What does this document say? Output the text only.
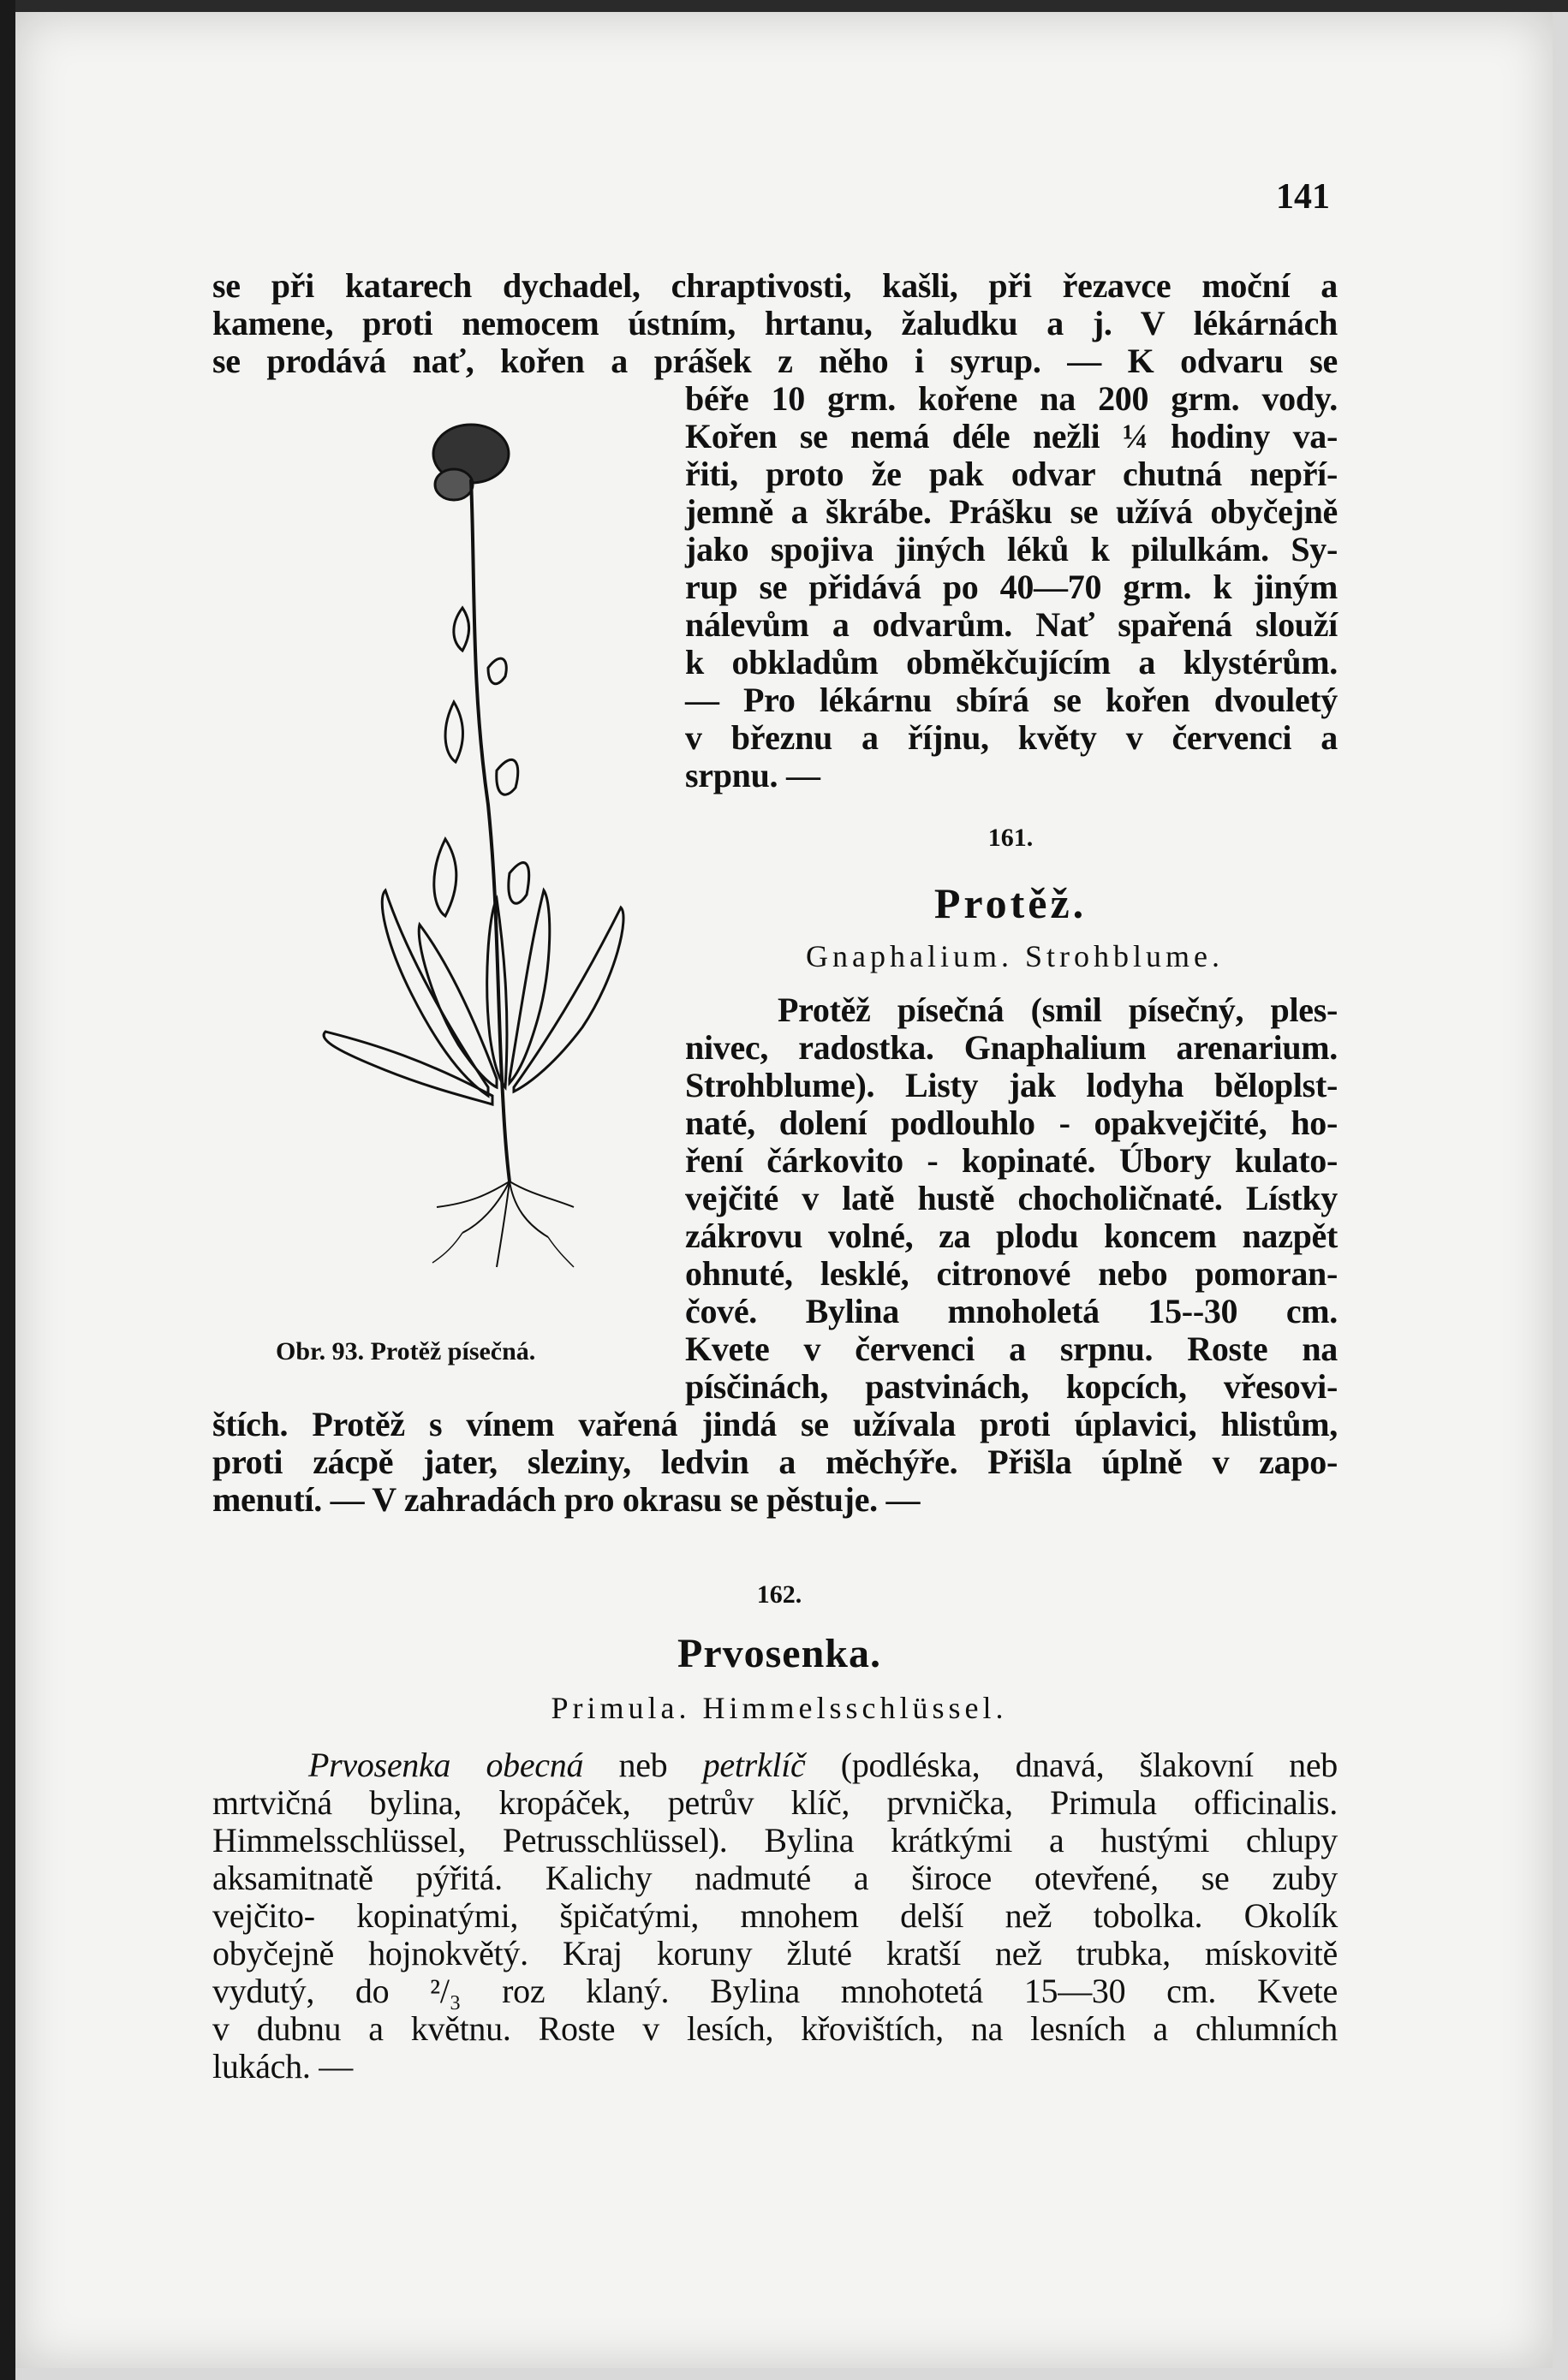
141
se při katarech dychadel, chraptivosti, kašli, při řezavce moční a
kamene, proti nemocem ústním, hrtanu, žaludku a j. V lékárnách
se prodává nať, kořen a prášek z něho i syrup. — K odvaru se
béře 10 grm. kořene na 200 grm. vody.
Kořen se nemá déle nežli ¼ hodiny va-
řiti, proto že pak odvar chutná nepří-
jemně a škrábe. Prášku se užívá obyčejně
jako spojiva jiných léků k pilulkám. Sy-
rup se přidává po 40—70 grm. k jiným
nálevům a odvarům. Nať spařená slouží
k obkladům obměkčujícím a klystérům.
— Pro lékárnu sbírá se kořen dvouletý
v březnu a říjnu, květy v červenci a
srpnu. —
161.
Protěž.
Gnaphalium. Strohblume.
Protěž písečná (smil písečný, ples-
nivec, radostka. Gnaphalium arenarium.
Strohblume). Listy jak lodyha běloplst-
naté, dolení podlouhlo - opakvejčité, ho-
ření čárkovito - kopinaté. Úbory kulato-
vejčité v latě hustě chocholičnaté. Lístky
zákrovu volné, za plodu koncem nazpět
ohnuté, lesklé, citronové nebo pomoran-
čové. Bylina mnoholetá 15--30 cm.
Kvete v červenci a srpnu. Roste na
písčinách, pastvinách, kopcích, vřesovi-
Obr. 93. Protěž písečná.
štích. Protěž s vínem vařená jindá se užívala proti úplavici, hlistům,
proti zácpě jater, sleziny, ledvin a měchýře. Přišla úplně v zapo-
menutí. — V zahradách pro okrasu se pěstuje. —
162.
Prvosenka.
Primula. Himmelsschlüssel.
Prvosenka obecná neb petrklíč (podléska, dnavá, šlakovní neb
mrtvičná bylina, kropáček, petrův klíč, prvnička, Primula officinalis.
Himmelsschlüssel, Petrusschlüssel). Bylina krátkými a hustými chlupy
aksamitnatě pýřitá. Kalichy nadmuté a široce otevřené, se zuby
vejčito- kopinatými, špičatými, mnohem delší než tobolka. Okolík
obyčejně hojnokvětý. Kraj koruny žluté kratší než trubka, mískovitě
vydutý, do ²/₃ roz klaný. Bylina mnohotetá 15—30 cm. Kvete
v dubnu a květnu. Roste v lesích, křovištích, na lesních a chlumních
lukách. —
